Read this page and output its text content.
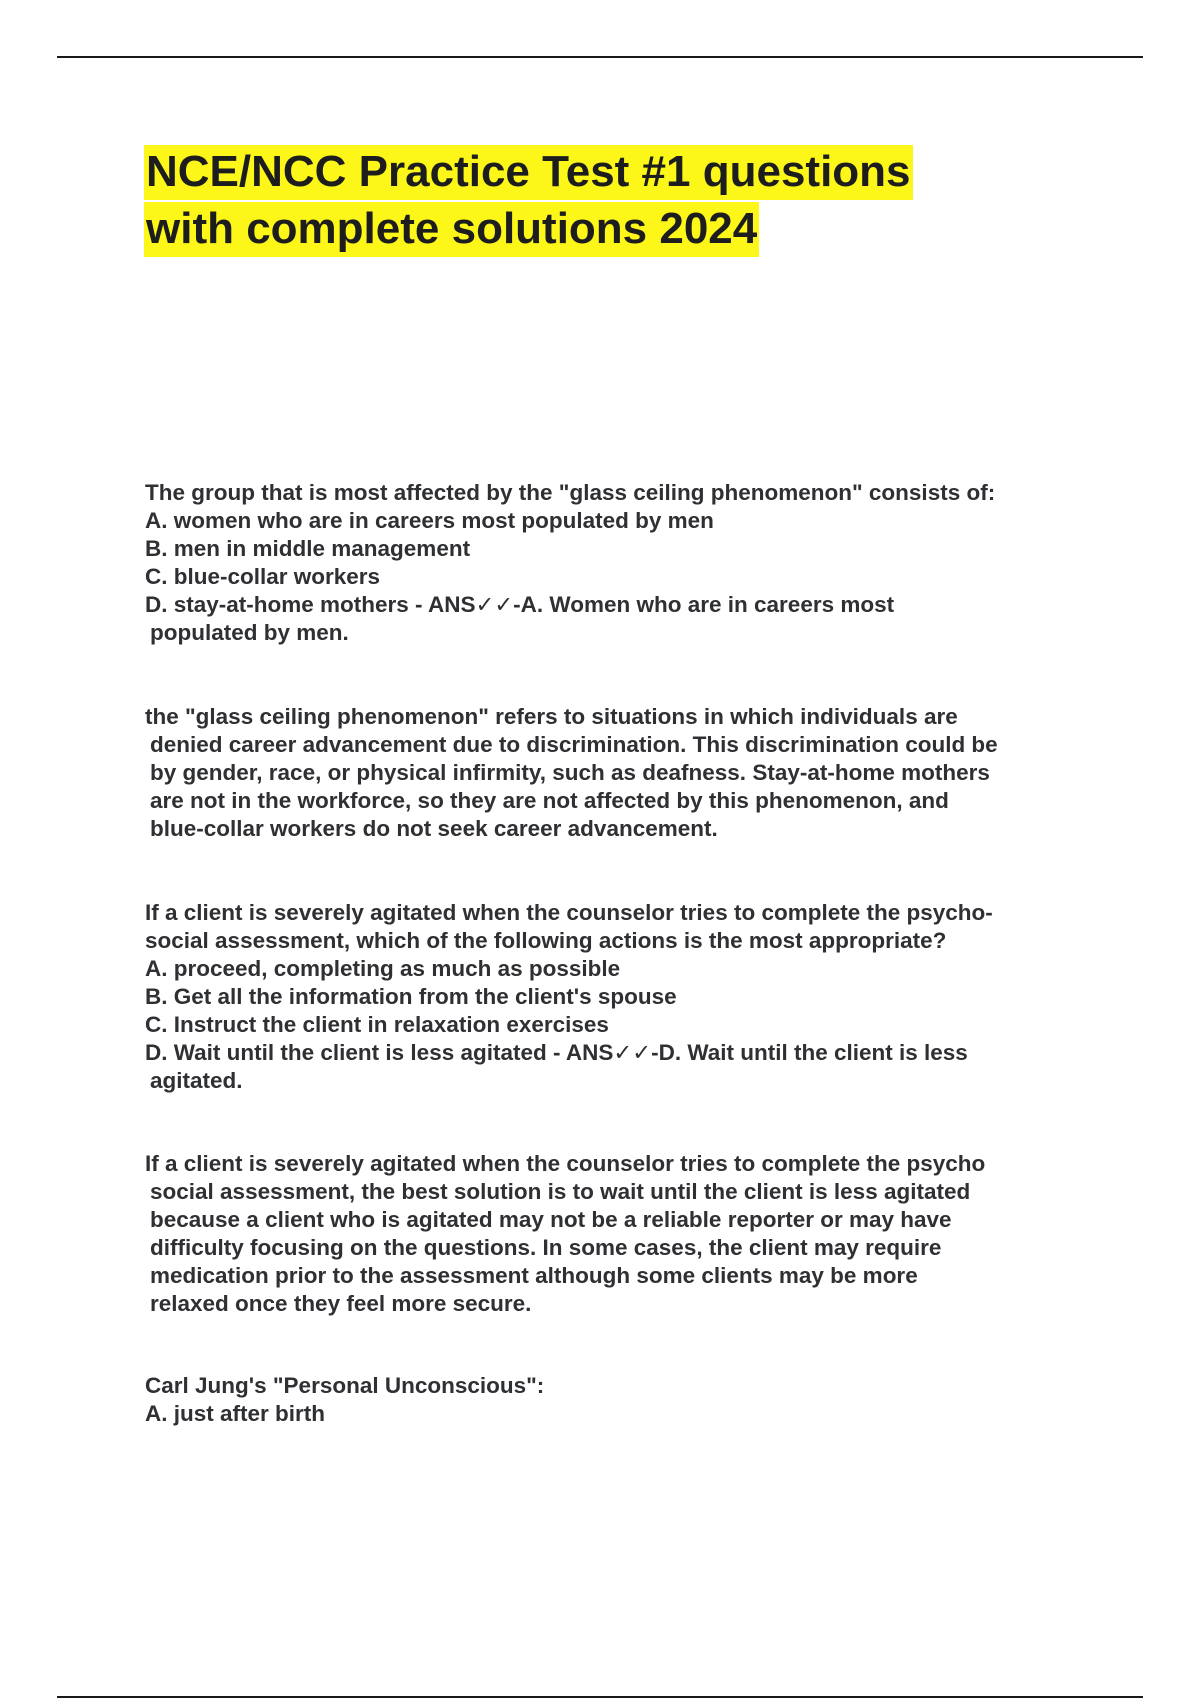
NCE/NCC Practice Test #1 questions
with complete solutions 2024
The group that is most affected by the "glass ceiling phenomenon" consists of:
A. women who are in careers most populated by men
B. men in middle management
C. blue-collar workers
D. stay-at-home mothers - ANS✓✓-A. Women who are in careers most
populated by men.
the "glass ceiling phenomenon" refers to situations in which individuals are
denied career advancement due to discrimination. This discrimination could be
by gender, race, or physical infirmity, such as deafness. Stay-at-home mothers
are not in the workforce, so they are not affected by this phenomenon, and
blue-collar workers do not seek career advancement.
If a client is severely agitated when the counselor tries to complete the psycho-
social assessment, which of the following actions is the most appropriate?
A. proceed, completing as much as possible
B. Get all the information from the client's spouse
C. Instruct the client in relaxation exercises
D. Wait until the client is less agitated - ANS✓✓-D. Wait until the client is less
agitated.
If a client is severely agitated when the counselor tries to complete the psycho
social assessment, the best solution is to wait until the client is less agitated
because a client who is agitated may not be a reliable reporter or may have
difficulty focusing on the questions. In some cases, the client may require
medication prior to the assessment although some clients may be more
relaxed once they feel more secure.
Carl Jung's "Personal Unconscious":
A. just after birth
